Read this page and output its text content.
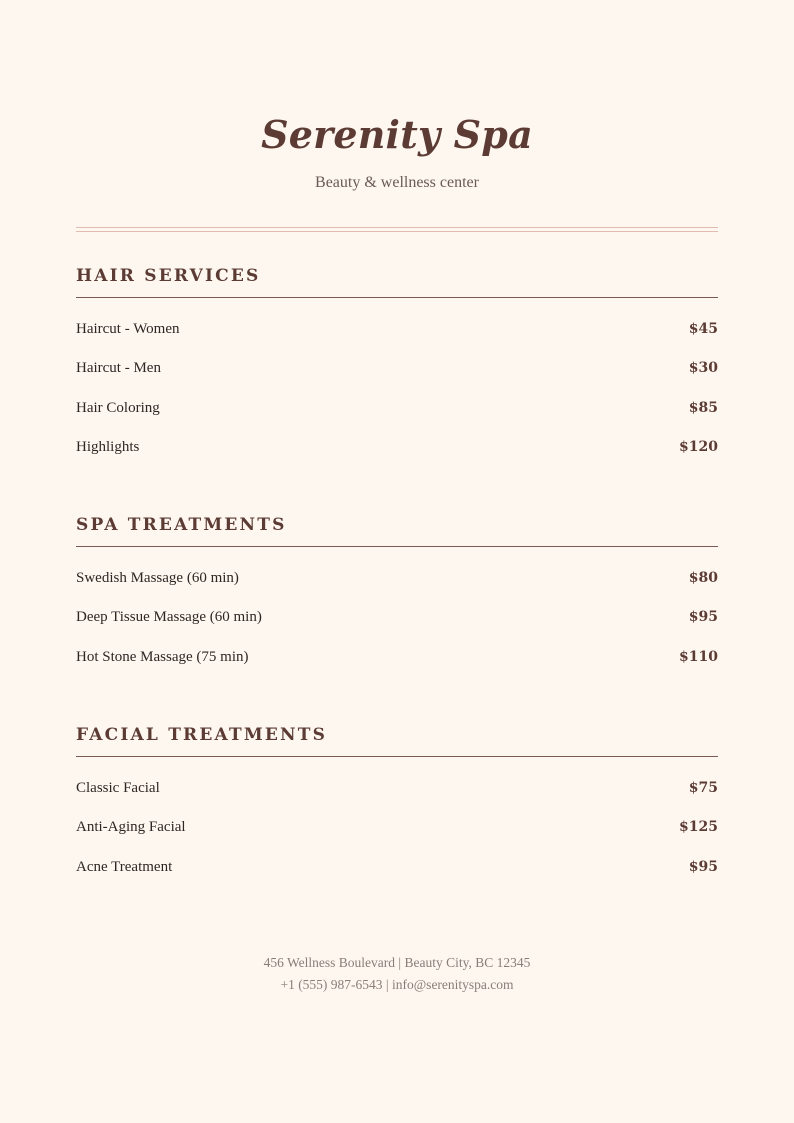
Serenity Spa
Beauty & wellness center
HAIR SERVICES
Haircut - Women	$45
Haircut - Men	$30
Hair Coloring	$85
Highlights	$120
SPA TREATMENTS
Swedish Massage (60 min)	$80
Deep Tissue Massage (60 min)	$95
Hot Stone Massage (75 min)	$110
FACIAL TREATMENTS
Classic Facial	$75
Anti-Aging Facial	$125
Acne Treatment	$95
456 Wellness Boulevard | Beauty City, BC 12345
+1 (555) 987-6543 | info@serenityspa.com
